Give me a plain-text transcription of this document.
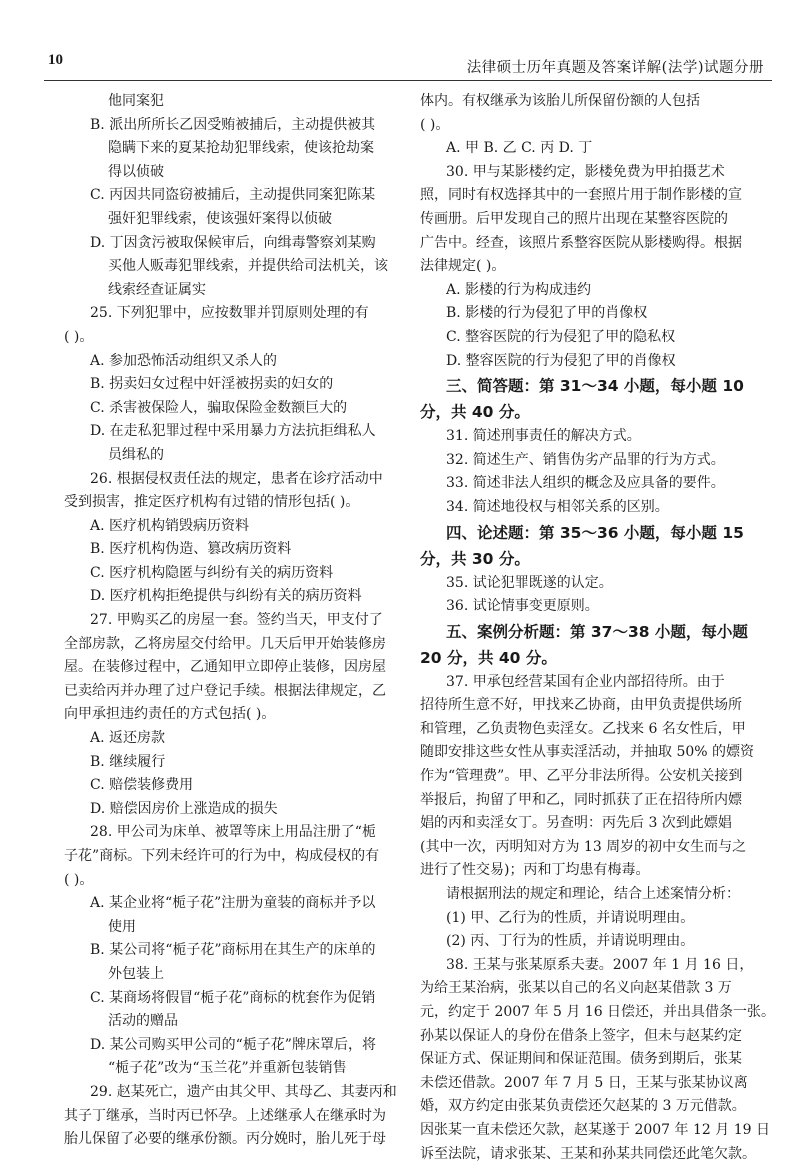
10	法律硕士历年真题及答案详解(法学)试题分册
他同案犯
B. 派出所所长乙因受贿被捕后，主动提供被其
隐瞒下来的夏某抢劫犯罪线索，使该抢劫案
得以侦破
C. 丙因共同盗窃被捕后，主动提供同案犯陈某
强奸犯罪线索，使该强奸案得以侦破
D. 丁因贪污被取保候审后，向缉毒警察刘某购
买他人贩毒犯罪线索，并提供给司法机关，该
线索经查证属实
25. 下列犯罪中，应按数罪并罚原则处理的有
( )。
A. 参加恐怖活动组织又杀人的
B. 拐卖妇女过程中奸淫被拐卖的妇女的
C. 杀害被保险人，骗取保险金数额巨大的
D. 在走私犯罪过程中采用暴力方法抗拒缉私人
员缉私的
26. 根据侵权责任法的规定，患者在诊疗活动中
受到损害，推定医疗机构有过错的情形包括( )。
A. 医疗机构销毁病历资料
B. 医疗机构伪造、篡改病历资料
C. 医疗机构隐匿与纠纷有关的病历资料
D. 医疗机构拒绝提供与纠纷有关的病历资料
27. 甲购买乙的房屋一套。签约当天，甲支付了
全部房款，乙将房屋交付给甲。几天后甲开始装修房
屋。在装修过程中，乙通知甲立即停止装修，因房屋
已卖给丙并办理了过户登记手续。根据法律规定，乙
向甲承担违约责任的方式包括( )。
A. 返还房款
B. 继续履行
C. 赔偿装修费用
D. 赔偿因房价上涨造成的损失
28. 甲公司为床单、被罩等床上用品注册了“栀
子花”商标。下列未经许可的行为中，构成侵权的有
( )。
A. 某企业将“栀子花”注册为童装的商标并予以
使用
B. 某公司将“栀子花”商标用在其生产的床单的
外包装上
C. 某商场将假冒“栀子花”商标的枕套作为促销
活动的赠品
D. 某公司购买甲公司的“栀子花”牌床罩后，将
“栀子花”改为“玉兰花”并重新包装销售
29. 赵某死亡，遗产由其父甲、其母乙、其妻丙和
其子丁继承，当时丙已怀孕。上述继承人在继承时为
胎儿保留了必要的继承份额。丙分娩时，胎儿死于母
体内。有权继承为该胎儿所保留份额的人包括
( )。
A. 甲 B. 乙 C. 丙 D. 丁
30. 甲与某影楼约定，影楼免费为甲拍摄艺术
照，同时有权选择其中的一套照片用于制作影楼的宣
传画册。后甲发现自己的照片出现在某整容医院的
广告中。经查，该照片系整容医院从影楼购得。根据
法律规定( )。
A. 影楼的行为构成违约
B. 影楼的行为侵犯了甲的肖像权
C. 整容医院的行为侵犯了甲的隐私权
D. 整容医院的行为侵犯了甲的肖像权
三、简答题：第 31～34 小题，每小题 10
分，共 40 分。
31. 简述刑事责任的解决方式。
32. 简述生产、销售伪劣产品罪的行为方式。
33. 简述非法人组织的概念及应具备的要件。
34. 简述地役权与相邻关系的区别。
四、论述题：第 35～36 小题，每小题 15
分，共 30 分。
35. 试论犯罪既遂的认定。
36. 试论情事变更原则。
五、案例分析题：第 37～38 小题，每小题
20 分，共 40 分。
37. 甲承包经营某国有企业内部招待所。由于
招待所生意不好，甲找来乙协商，由甲负责提供场所
和管理，乙负责物色卖淫女。乙找来 6 名女性后，甲
随即安排这些女性从事卖淫活动，并抽取 50% 的嫖资
作为“管理费”。甲、乙平分非法所得。公安机关接到
举报后，拘留了甲和乙，同时抓获了正在招待所内嫖
娼的丙和卖淫女丁。另查明：丙先后 3 次到此嫖娼
(其中一次，丙明知对方为 13 周岁的初中女生而与之
进行了性交易)；丙和丁均患有梅毒。
请根据刑法的规定和理论，结合上述案情分析：
(1) 甲、乙行为的性质，并请说明理由。
(2) 丙、丁行为的性质，并请说明理由。
38. 王某与张某原系夫妻。2007 年 1 月 16 日，
为给王某治病，张某以自己的名义向赵某借款 3 万
元，约定于 2007 年 5 月 16 日偿还，并出具借条一张。
孙某以保证人的身份在借条上签字，但未与赵某约定
保证方式、保证期间和保证范围。债务到期后，张某
未偿还借款。2007 年 7 月 5 日，王某与张某协议离
婚，双方约定由张某负责偿还欠赵某的 3 万元借款。
因张某一直未偿还欠款，赵某遂于 2007 年 12 月 19 日
诉至法院，请求张某、王某和孙某共同偿还此笔欠款。
